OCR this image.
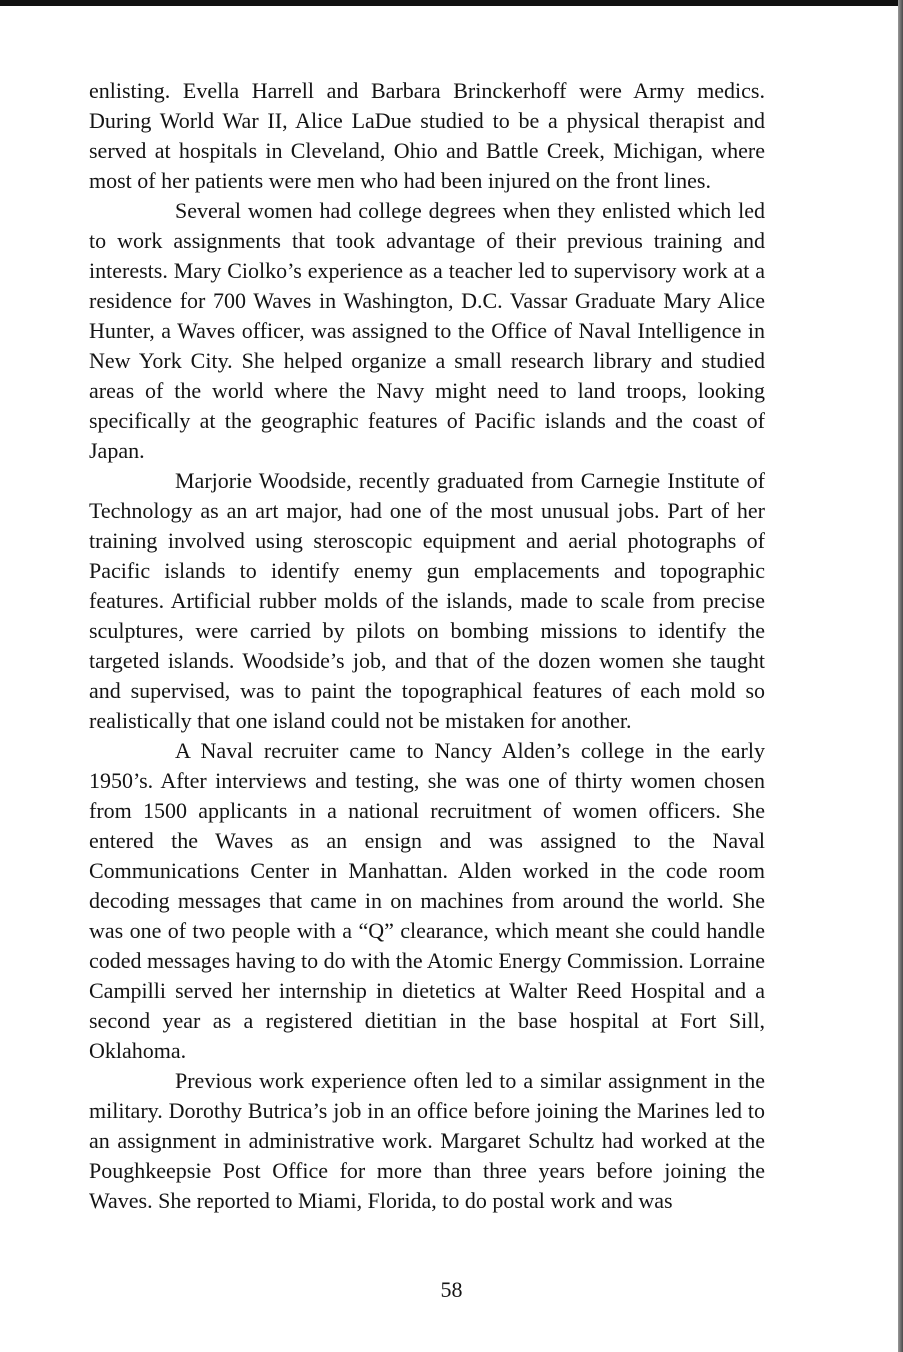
enlisting. Evella Harrell and Barbara Brinckerhoff were Army medics. During World War II, Alice LaDue studied to be a physical therapist and served at hospitals in Cleveland, Ohio and Battle Creek, Michigan, where most of her patients were men who had been injured on the front lines.

Several women had college degrees when they enlisted which led to work assignments that took advantage of their previous training and interests. Mary Ciolko’s experience as a teacher led to supervisory work at a residence for 700 Waves in Washington, D.C. Vassar Graduate Mary Alice Hunter, a Waves officer, was assigned to the Office of Naval Intelligence in New York City. She helped organize a small research library and studied areas of the world where the Navy might need to land troops, looking specifically at the geographic features of Pacific islands and the coast of Japan.

Marjorie Woodside, recently graduated from Carnegie Institute of Technology as an art major, had one of the most unusual jobs. Part of her training involved using steroscopic equipment and aerial photographs of Pacific islands to identify enemy gun emplacements and topographic features. Artificial rubber molds of the islands, made to scale from precise sculptures, were carried by pilots on bombing missions to identify the targeted islands. Woodside’s job, and that of the dozen women she taught and supervised, was to paint the topographical features of each mold so realistically that one island could not be mistaken for another.

A Naval recruiter came to Nancy Alden’s college in the early 1950’s. After interviews and testing, she was one of thirty women chosen from 1500 applicants in a national recruitment of women officers. She entered the Waves as an ensign and was assigned to the Naval Communications Center in Manhattan. Alden worked in the code room decoding messages that came in on machines from around the world. She was one of two people with a “Q” clearance, which meant she could handle coded messages having to do with the Atomic Energy Commission. Lorraine Campilli served her internship in dietetics at Walter Reed Hospital and a second year as a registered dietitian in the base hospital at Fort Sill, Oklahoma.

Previous work experience often led to a similar assignment in the military. Dorothy Butrica’s job in an office before joining the Marines led to an assignment in administrative work. Margaret Schultz had worked at the Poughkeepsie Post Office for more than three years before joining the Waves. She reported to Miami, Florida, to do postal work and was

58
